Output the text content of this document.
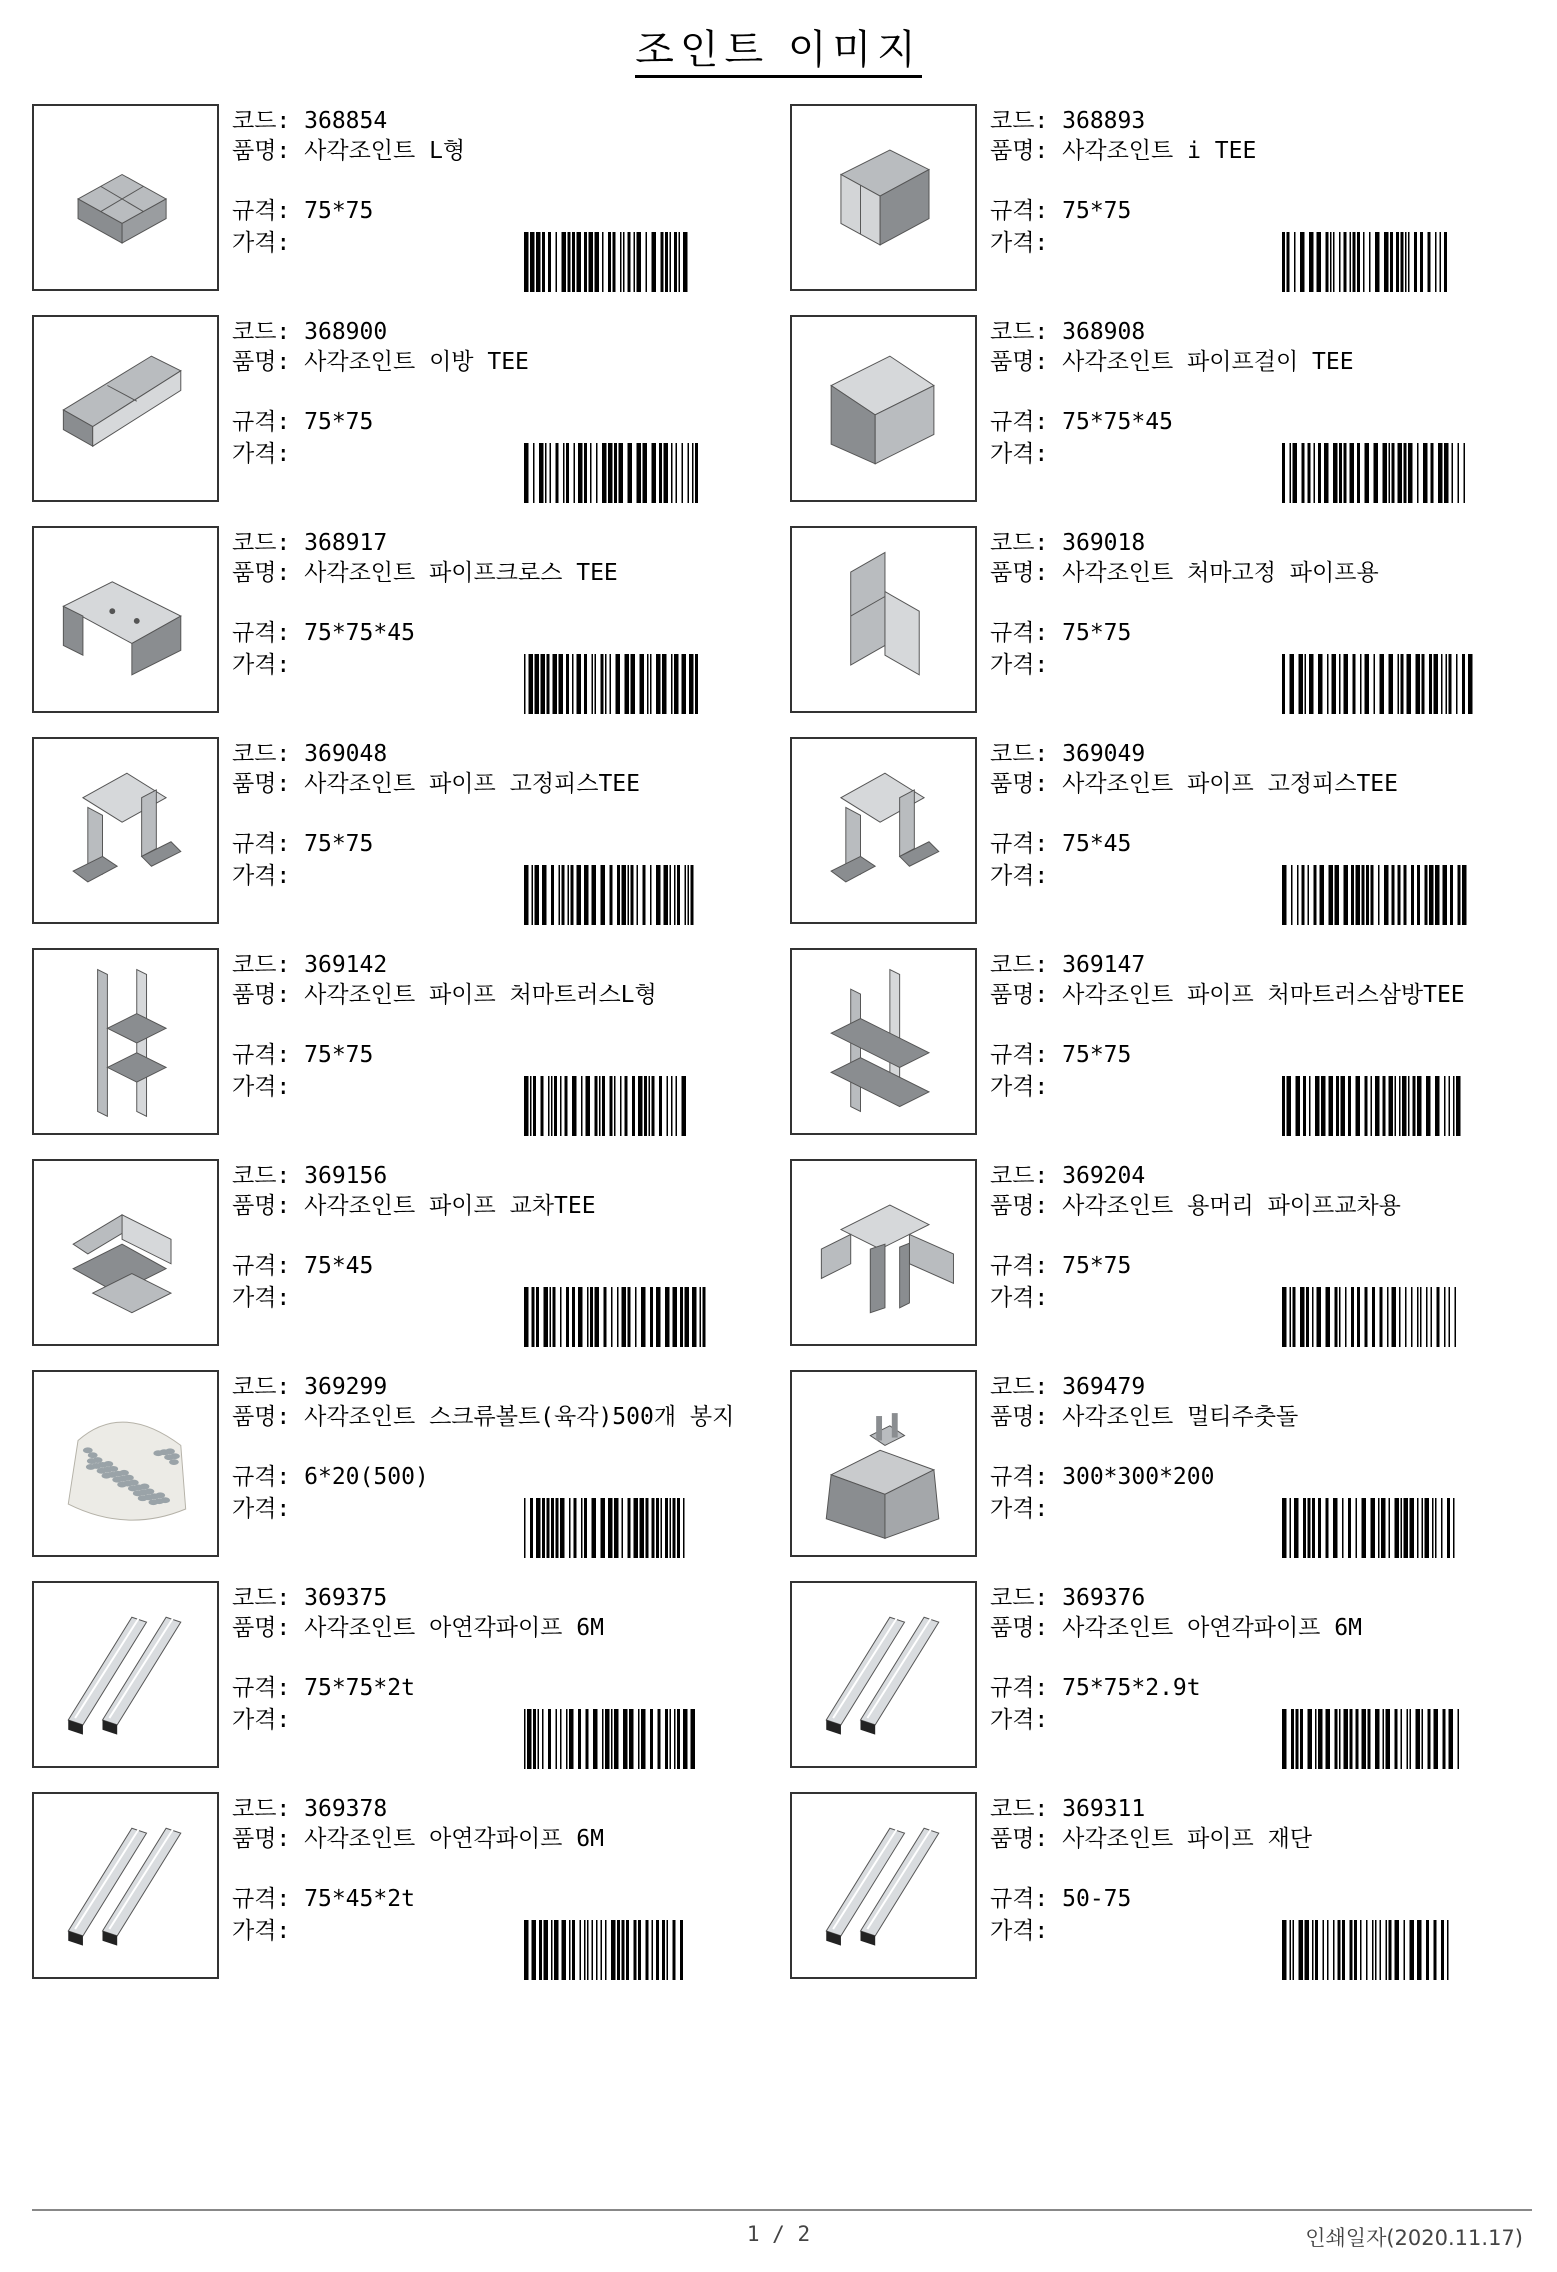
조인트 이미지
코드: 368854
품명: 사각조인트 L형
규격: 75*75
가격:
코드: 368893
품명: 사각조인트 i TEE
규격: 75*75
가격:
코드: 368900
품명: 사각조인트 이방 TEE
규격: 75*75
가격:
코드: 368908
품명: 사각조인트 파이프걸이 TEE
규격: 75*75*45
가격:
코드: 368917
품명: 사각조인트 파이프크로스 TEE
규격: 75*75*45
가격:
코드: 369018
품명: 사각조인트 처마고정 파이프용
규격: 75*75
가격:
코드: 369048
품명: 사각조인트 파이프 고정피스TEE
규격: 75*75
가격:
코드: 369049
품명: 사각조인트 파이프 고정피스TEE
규격: 75*45
가격:
코드: 369142
품명: 사각조인트 파이프 처마트러스L형
규격: 75*75
가격:
코드: 369147
품명: 사각조인트 파이프 처마트러스삼방TEE
규격: 75*75
가격:
코드: 369156
품명: 사각조인트 파이프 교차TEE
규격: 75*45
가격:
코드: 369204
품명: 사각조인트 용머리 파이프교차용
규격: 75*75
가격:
코드: 369299
품명: 사각조인트 스크류볼트(육각)500개 봉지
규격: 6*20(500)
가격:
코드: 369479
품명: 사각조인트 멀티주춧돌
규격: 300*300*200
가격:
코드: 369375
품명: 사각조인트 아연각파이프 6M
규격: 75*75*2t
가격:
코드: 369376
품명: 사각조인트 아연각파이프 6M
규격: 75*75*2.9t
가격:
코드: 369378
품명: 사각조인트 아연각파이프 6M
규격: 75*45*2t
가격:
코드: 369311
품명: 사각조인트 파이프 재단
규격: 50-75
가격:
1 / 2	인쇄일자(2020.11.17)
